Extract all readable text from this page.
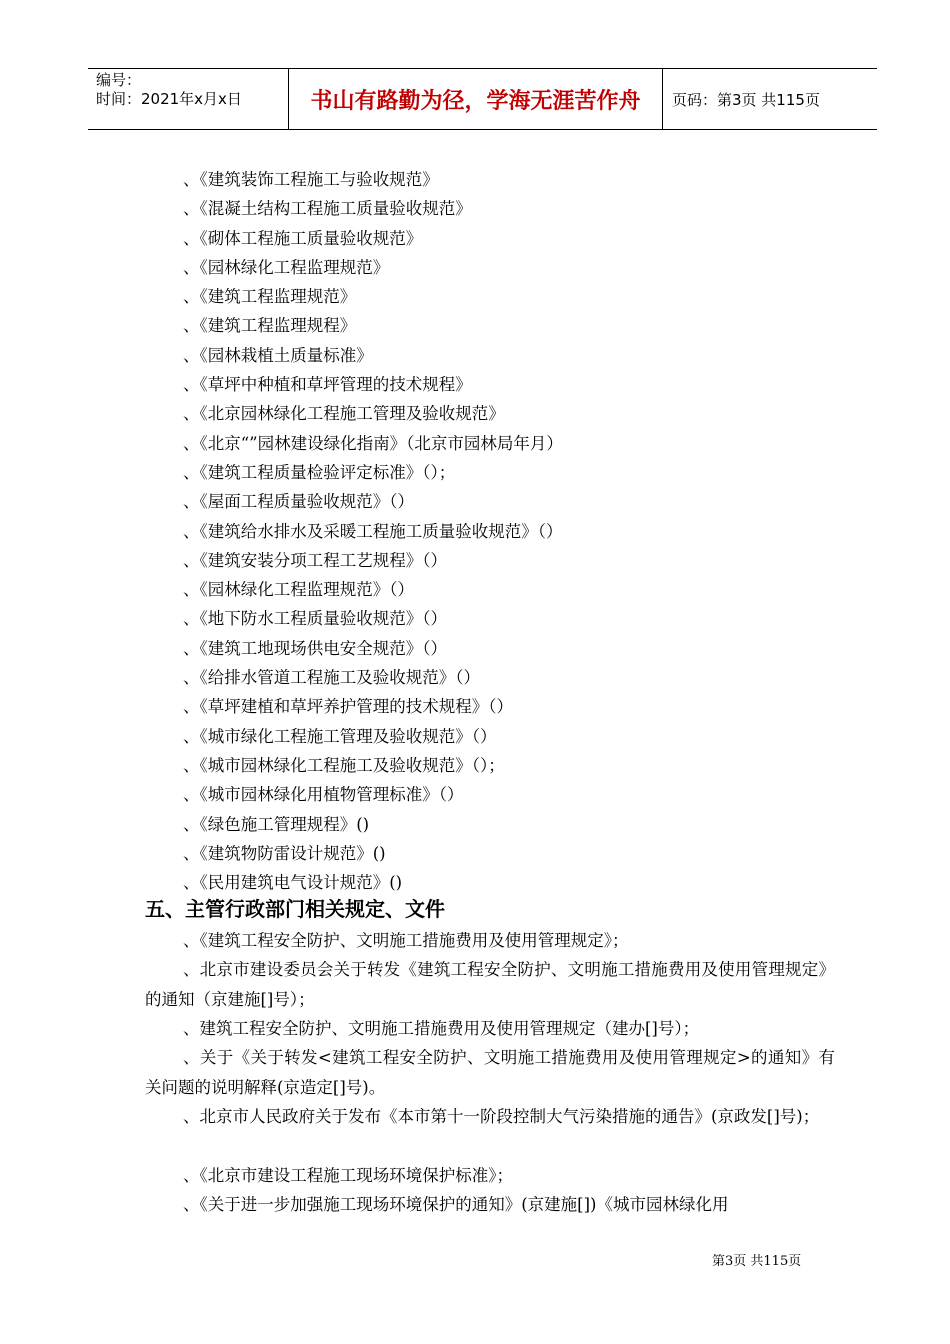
编号：
时间：2021年x月x日	书山有路勤为径，学海无涯苦作舟	页码：第3页 共115页
、《建筑装饰工程施工与验收规范》
、《混凝土结构工程施工质量验收规范》
、《砌体工程施工质量验收规范》
、《园林绿化工程监理规范》
、《建筑工程监理规范》
、《建筑工程监理规程》
、《园林栽植土质量标准》
、《草坪中种植和草坪管理的技术规程》
、《北京园林绿化工程施工管理及验收规范》
、《北京“”园林建设绿化指南》（北京市园林局年月）
、《建筑工程质量检验评定标准》（）；
、《屋面工程质量验收规范》（）
、《建筑给水排水及采暖工程施工质量验收规范》（）
、《建筑安装分项工程工艺规程》（）
、《园林绿化工程监理规范》（）
、《地下防水工程质量验收规范》（）
、《建筑工地现场供电安全规范》（）
、《给排水管道工程施工及验收规范》（）
、《草坪建植和草坪养护管理的技术规程》（）
、《城市绿化工程施工管理及验收规范》（）
、《城市园林绿化工程施工及验收规范》（）；
、《城市园林绿化用植物管理标准》（）
、《绿色施工管理规程》()
、《建筑物防雷设计规范》()
、《民用建筑电气设计规范》()
五、主管行政部门相关规定、文件
、《建筑工程安全防护、文明施工措施费用及使用管理规定》；
、北京市建设委员会关于转发《建筑工程安全防护、文明施工措施费用及使用管理规定》的通知（京建施[]号）；
、建筑工程安全防护、文明施工措施费用及使用管理规定（建办[]号）；
、关于《关于转发<建筑工程安全防护、文明施工措施费用及使用管理规定>的通知》有关问题的说明解释(京造定[]号)。
、北京市人民政府关于发布《本市第十一阶段控制大气污染措施的通告》(京政发[]号)；
、《北京市建设工程施工现场环境保护标准》；
、《关于进一步加强施工现场环境保护的通知》(京建施[])《城市园林绿化用
第3页 共115页
